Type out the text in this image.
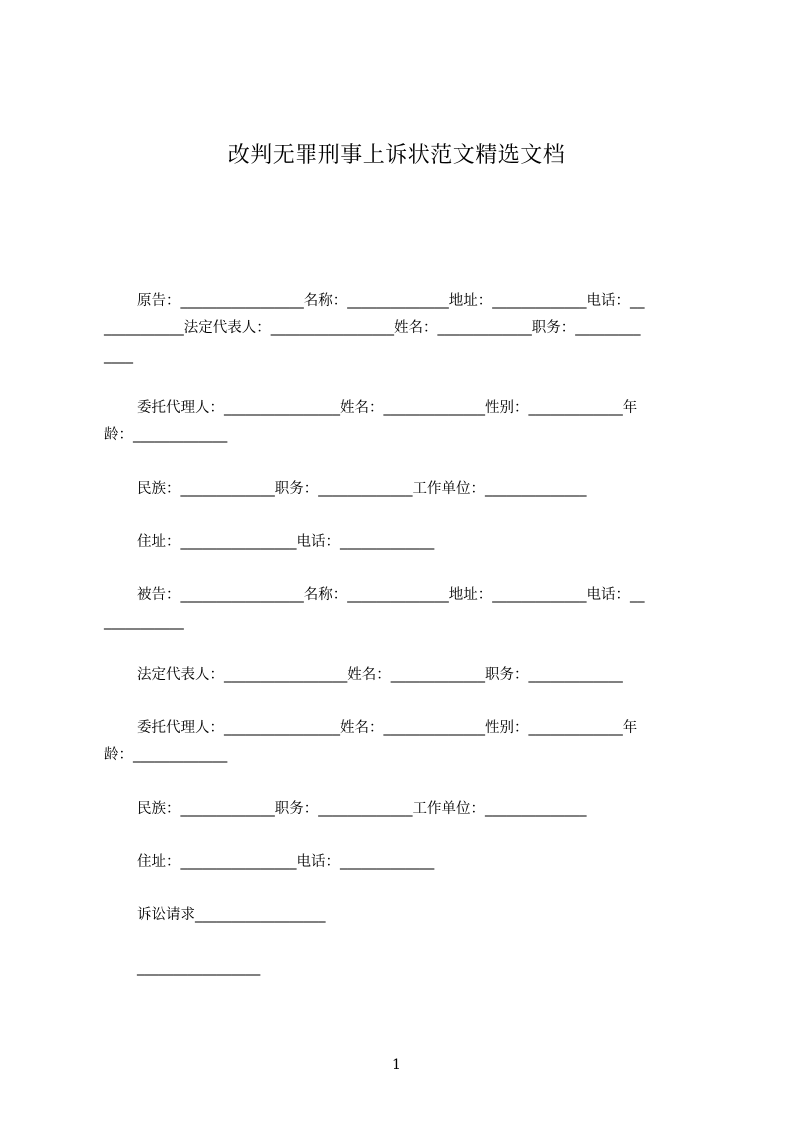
改判无罪刑事上诉状范文精选文档
原告：_________________名称：______________地址：_____________电话：__
___________法定代表人：_________________姓名：_____________职务：_________
____
委托代理人：________________姓名：______________性别：_____________年
龄：_____________
民族：_____________职务：_____________工作单位：______________
住址：________________电话：_____________
被告：_________________名称：______________地址：_____________电话：__
___________
法定代表人：_________________姓名：_____________职务：_____________
委托代理人：________________姓名：______________性别：_____________年
龄：_____________
民族：_____________职务：_____________工作单位：______________
住址：________________电话：_____________
诉讼请求__________________
_________________
1
